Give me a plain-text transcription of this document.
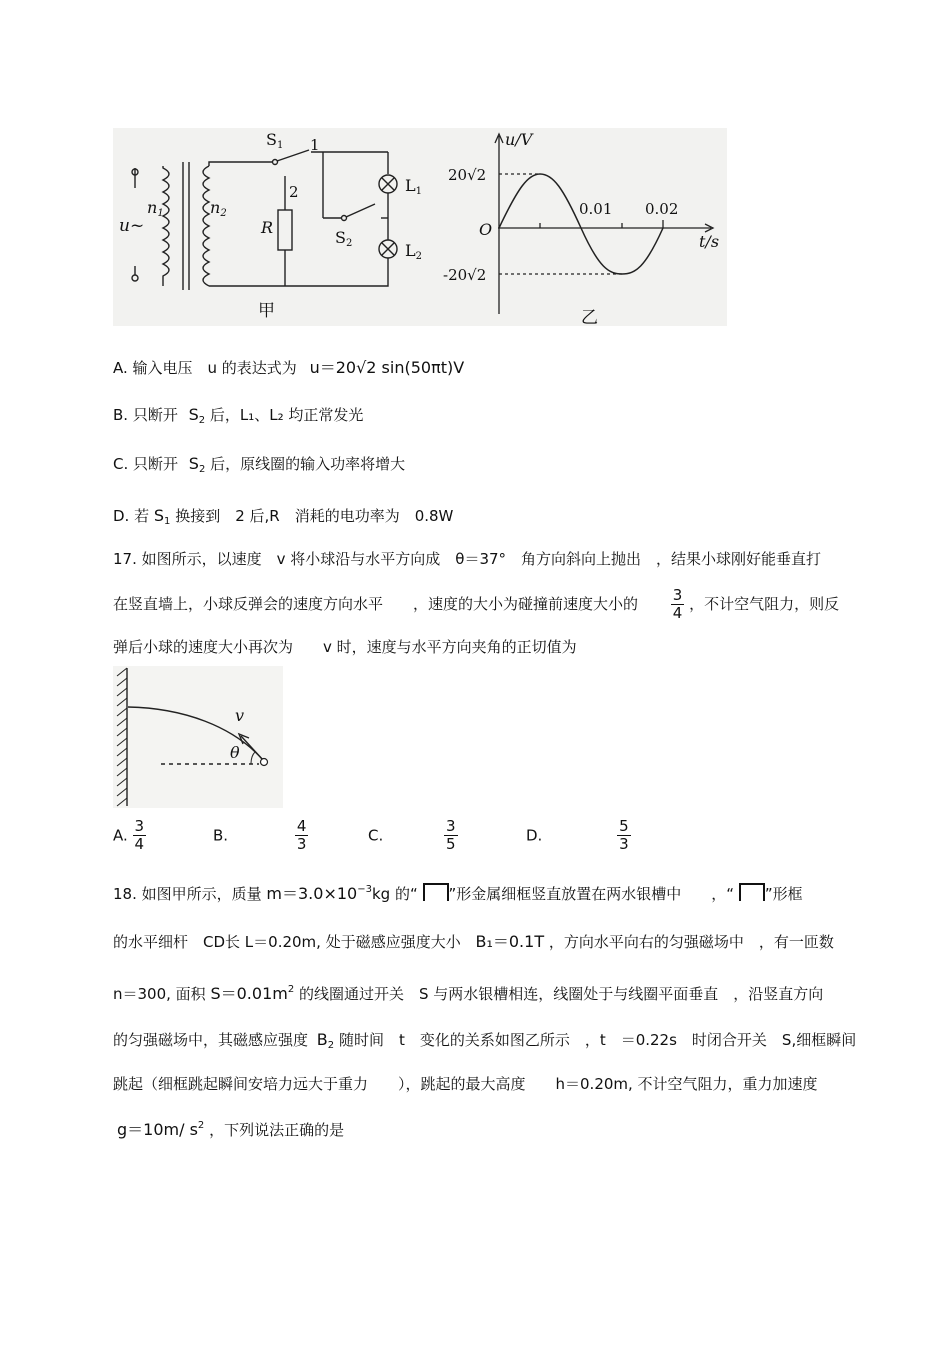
$S_1$ 1
2
$n_1$	$n_2$
u~	R
$S_2$
$L_1$
$L_2$
甲
u/V
t/s
O
20√2
-20√2
0.01 0.02
乙
A. 输入电压　u 的表达式为 u＝20√2 sin(50πt)V
B. 只断开 $S_2$ 后，L₁、L₂ 均正常发光
C. 只断开 $S_2$ 后，原线圈的输入功率将增大
D. 若 $S_1$ 换接到　2 后,R　消耗的电功率为　0.8W
17. 如图所示，以速度　v 将小球沿与水平方向成　θ＝37°　角方向斜向上抛出　，结果小球刚好能垂直打
在竖直墙上，小球反弹会的速度方向水平　　，速度的大小为碰撞前速度大小的 $\frac{3}{4}$ ，不计空气阻力，则反
弹后小球的速度大小再次为　　v 时，速度与水平方向夹角的正切值为
v
θ
A. $\frac{3}{4}$	B.	$\frac{4}{3}$	C.	$\frac{3}{5}$	D.	$\frac{5}{3}$
18. 如图甲所示，质量 $m=3.0\times 10^{-3}kg$ 的“ ”形金属细框竖直放置在两水银槽中　　，“ ”形框
的水平细杆　CD长 L＝0.20m, 处于磁感应强度大小 B₁＝0.1T ，方向水平向右的匀强磁场中　，有一匝数
n＝300, 面积 $S=0.01m^2$ 的线圈通过开关　S 与两水银槽相连，线圈处于与线圈平面垂直　，沿竖直方向
的匀强磁场中，其磁感应强度 $B_2$ 随时间　t　变化的关系如图乙所示　，t　＝0.22s　时闭合开关　S,细框瞬间
跳起（细框跳起瞬间安培力远大于重力　　），跳起的最大高度　　h＝0.20m, 不计空气阻力，重力加速度
g＝10m/ $s^2$ ，下列说法正确的是
